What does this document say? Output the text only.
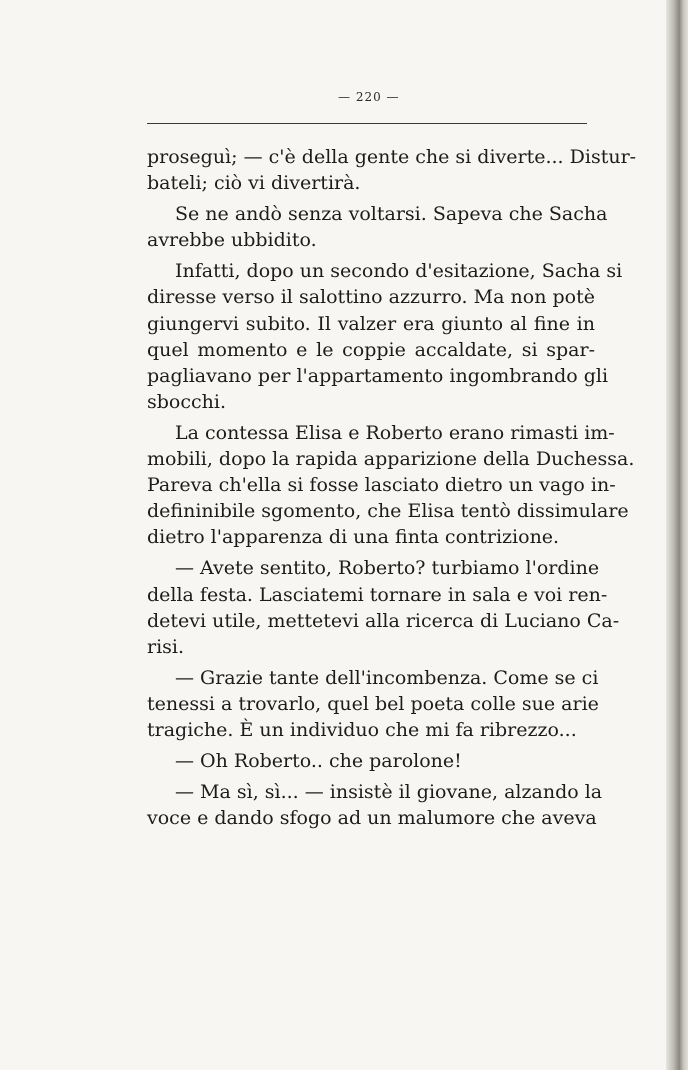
— 220 —
proseguì; — c'è della gente che si diverte... Distur-
bateli; ciò vi divertirà.
Se ne andò senza voltarsi. Sapeva che Sacha
avrebbe ubbidito.
Infatti, dopo un secondo d'esitazione, Sacha si
diresse verso il salottino azzurro. Ma non potè
giungervi subito. Il valzer era giunto al fine in
quel momento e le coppie accaldate, si spar-
pagliavano per l'appartamento ingombrando gli
sbocchi.
La contessa Elisa e Roberto erano rimasti im-
mobili, dopo la rapida apparizione della Duchessa.
Pareva ch'ella si fosse lasciato dietro un vago in-
defininibile sgomento, che Elisa tentò dissimulare
dietro l'apparenza di una finta contrizione.
— Avete sentito, Roberto? turbiamo l'ordine
della festa. Lasciatemi tornare in sala e voi ren-
detevi utile, mettetevi alla ricerca di Luciano Ca-
risi.
— Grazie tante dell'incombenza. Come se ci
tenessi a trovarlo, quel bel poeta colle sue arie
tragiche. È un individuo che mi fa ribrezzo...
— Oh Roberto.. che parolone!
— Ma sì, sì... — insistè il giovane, alzando la
voce e dando sfogo ad un malumore che aveva
